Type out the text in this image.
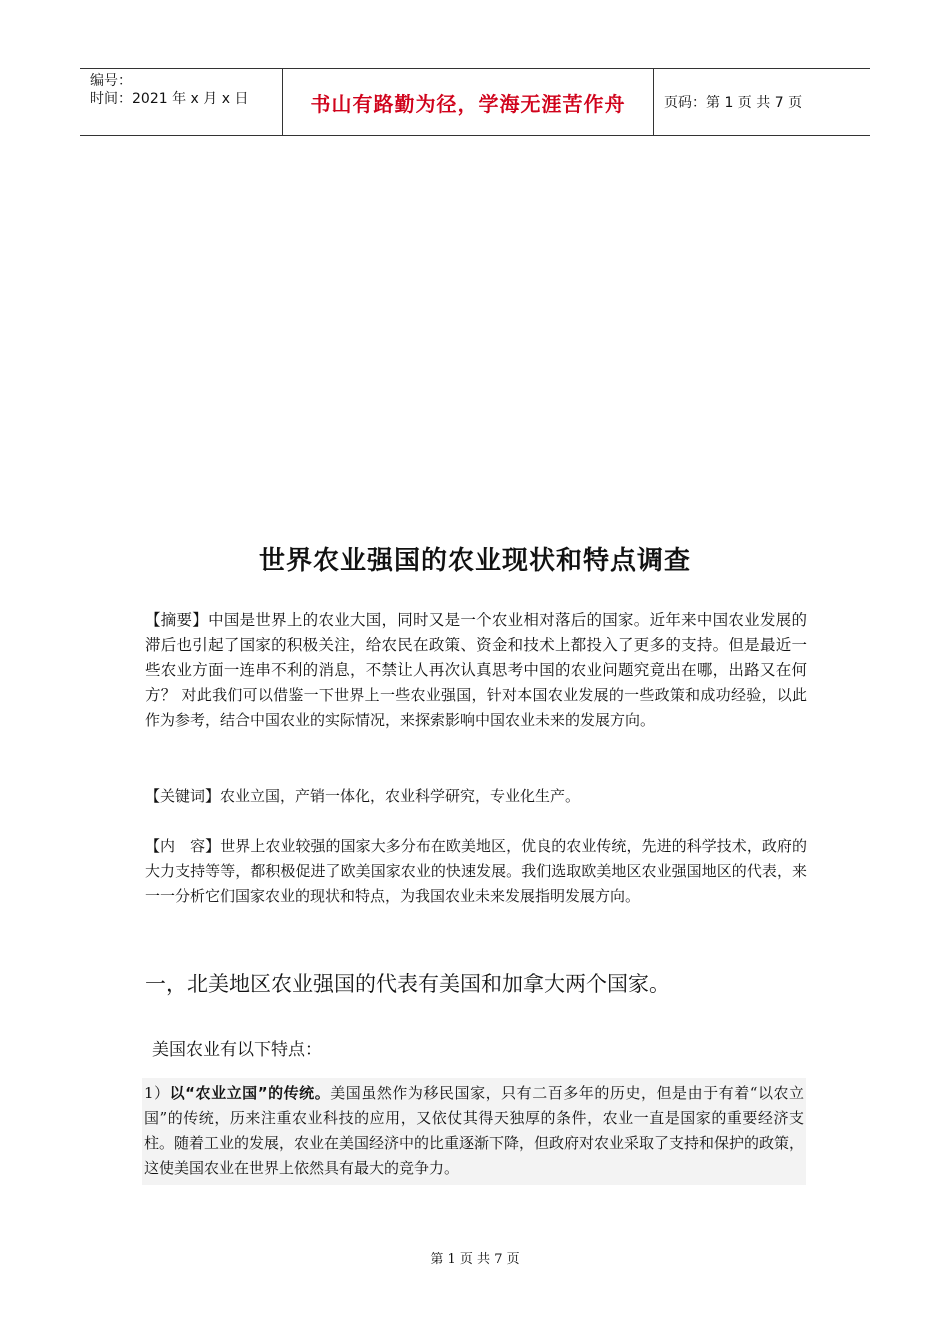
编号：
时间：2021 年 x 月 x 日	书山有路勤为径，学海无涯苦作舟	页码：第 1 页 共 7 页
世界农业强国的农业现状和特点调查
【摘要】中国是世界上的农业大国，同时又是一个农业相对落后的国家。近年来中国农业发展的滞后也引起了国家的积极关注，给农民在政策、资金和技术上都投入了更多的支持。但是最近一些农业方面一连串不利的消息，不禁让人再次认真思考中国的农业问题究竟出在哪，出路又在何方？ 对此我们可以借鉴一下世界上一些农业强国，针对本国农业发展的一些政策和成功经验，以此作为参考，结合中国农业的实际情况，来探索影响中国农业未来的发展方向。
【关键词】农业立国，产销一体化，农业科学研究，专业化生产。
【内　容】世界上农业较强的国家大多分布在欧美地区，优良的农业传统，先进的科学技术，政府的大力支持等等，都积极促进了欧美国家农业的快速发展。我们选取欧美地区农业强国地区的代表，来一一分析它们国家农业的现状和特点，为我国农业未来发展指明发展方向。
一，北美地区农业强国的代表有美国和加拿大两个国家。
美国农业有以下特点：
1）以“农业立国”的传统。美国虽然作为移民国家，只有二百多年的历史，但是由于有着“以农立国”的传统，历来注重农业科技的应用，又依仗其得天独厚的条件，农业一直是国家的重要经济支柱。随着工业的发展，农业在美国经济中的比重逐渐下降，但政府对农业采取了支持和保护的政策，这使美国农业在世界上依然具有最大的竞争力。
第 1 页 共 7 页
